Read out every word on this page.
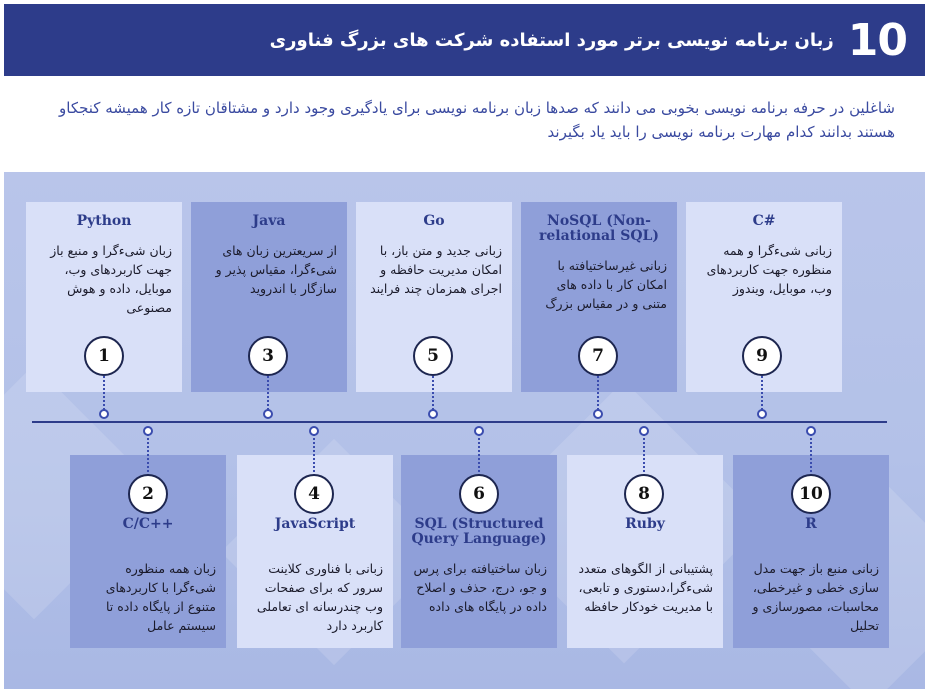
10
زبان برنامه نویسی برتر مورد استفاده شرکت های بزرگ فناوری

شاغلین در حرفه برنامه نویسی بخوبی می دانند که صدها زبان برنامه نویسی برای یادگیری وجود دارد و مشتاقان تازه کار همیشه کنجکاو هستند بدانند کدام مهارت برنامه نویسی را باید یاد بگیرند

Python
زبان شیءگرا و منبع باز جهت کاربردهای وب، موبایل، داده و هوش مصنوعی
Java
از سریعترین زبان های شیءگرا، مقیاس پذیر و سازگار با اندروید
Go
زبانی جدید و متن باز، با امکان مدیریت حافظه و اجرای همزمان چند فرایند
NoSQL (Non-relational SQL)
زبانی غیرساختیافته با امکان کار با داده های متنی و در مقیاس بزرگ
C#
زبانی شیءگرا و همه منظوره جهت کاربردهای وب، موبایل، ویندوز
C/C++
زبان همه منظوره شیءگرا با کاربردهای متنوع از پایگاه داده تا سیستم عامل
JavaScript
زبانی با فناوری کلاینت سرور که برای صفحات وب چندرسانه ای تعاملی کاربرد دارد
SQL (Structured Query Language)
زبان ساختیافته برای پرس و جو، درج، حذف و اصلاح داده در پایگاه های داده
Ruby
پشتیبانی از الگوهای متعدد شیءگرا،دستوری و تابعی، با مدیریت خودکار حافظه
R
زبانی منبع باز جهت مدل سازی خطی و غیرخطی، محاسبات، مصورسازی و تحلیل
1	3	5	7	9
2	4	6	8	10
